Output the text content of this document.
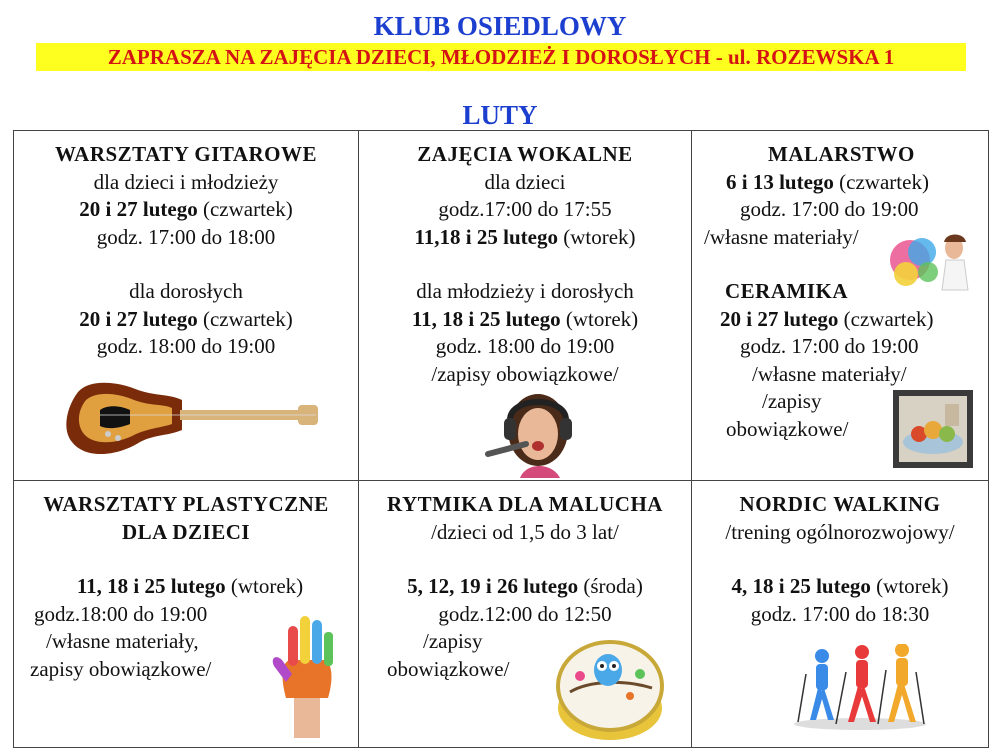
KLUB OSIEDLOWY
ZAPRASZA NA ZAJĘCIA DZIECI, MŁODZIEŻ I DOROSŁYCH - ul. ROZEWSKA 1
LUTY
WARSZTATY GITAROWE
dla dzieci i młodzieży
20 i 27 lutego (czwartek)
godz. 17:00 do 18:00
dla dorosłych
20 i 27 lutego (czwartek)
godz. 18:00 do 19:00
ZAJĘCIA WOKALNE
dla dzieci
godz.17:00 do 17:55
11,18 i 25 lutego (wtorek)
dla młodzieży i dorosłych
11, 18 i 25 lutego (wtorek)
godz. 18:00 do 19:00
/zapisy obowiązkowe/
MALARSTWO
6 i 13 lutego (czwartek)
godz. 17:00 do 19:00
/własne materiały/
CERAMIKA
20 i 27 lutego (czwartek)
godz. 17:00 do 19:00
/własne materiały/
/zapisy
obowiązkowe/
WARSZTATY PLASTYCZNE
DLA DZIECI
11, 18 i 25 lutego (wtorek)
godz.18:00 do 19:00
/własne materiały,
zapisy obowiązkowe/
RYTMIKA DLA MALUCHA
/dzieci od 1,5 do 3 lat/
5, 12, 19 i 26 lutego (środa)
godz.12:00 do 12:50
/zapisy
obowiązkowe/
NORDIC WALKING
/trening ogólnorozwojowy/
4, 18 i 25 lutego (wtorek)
godz. 17:00 do 18:30
